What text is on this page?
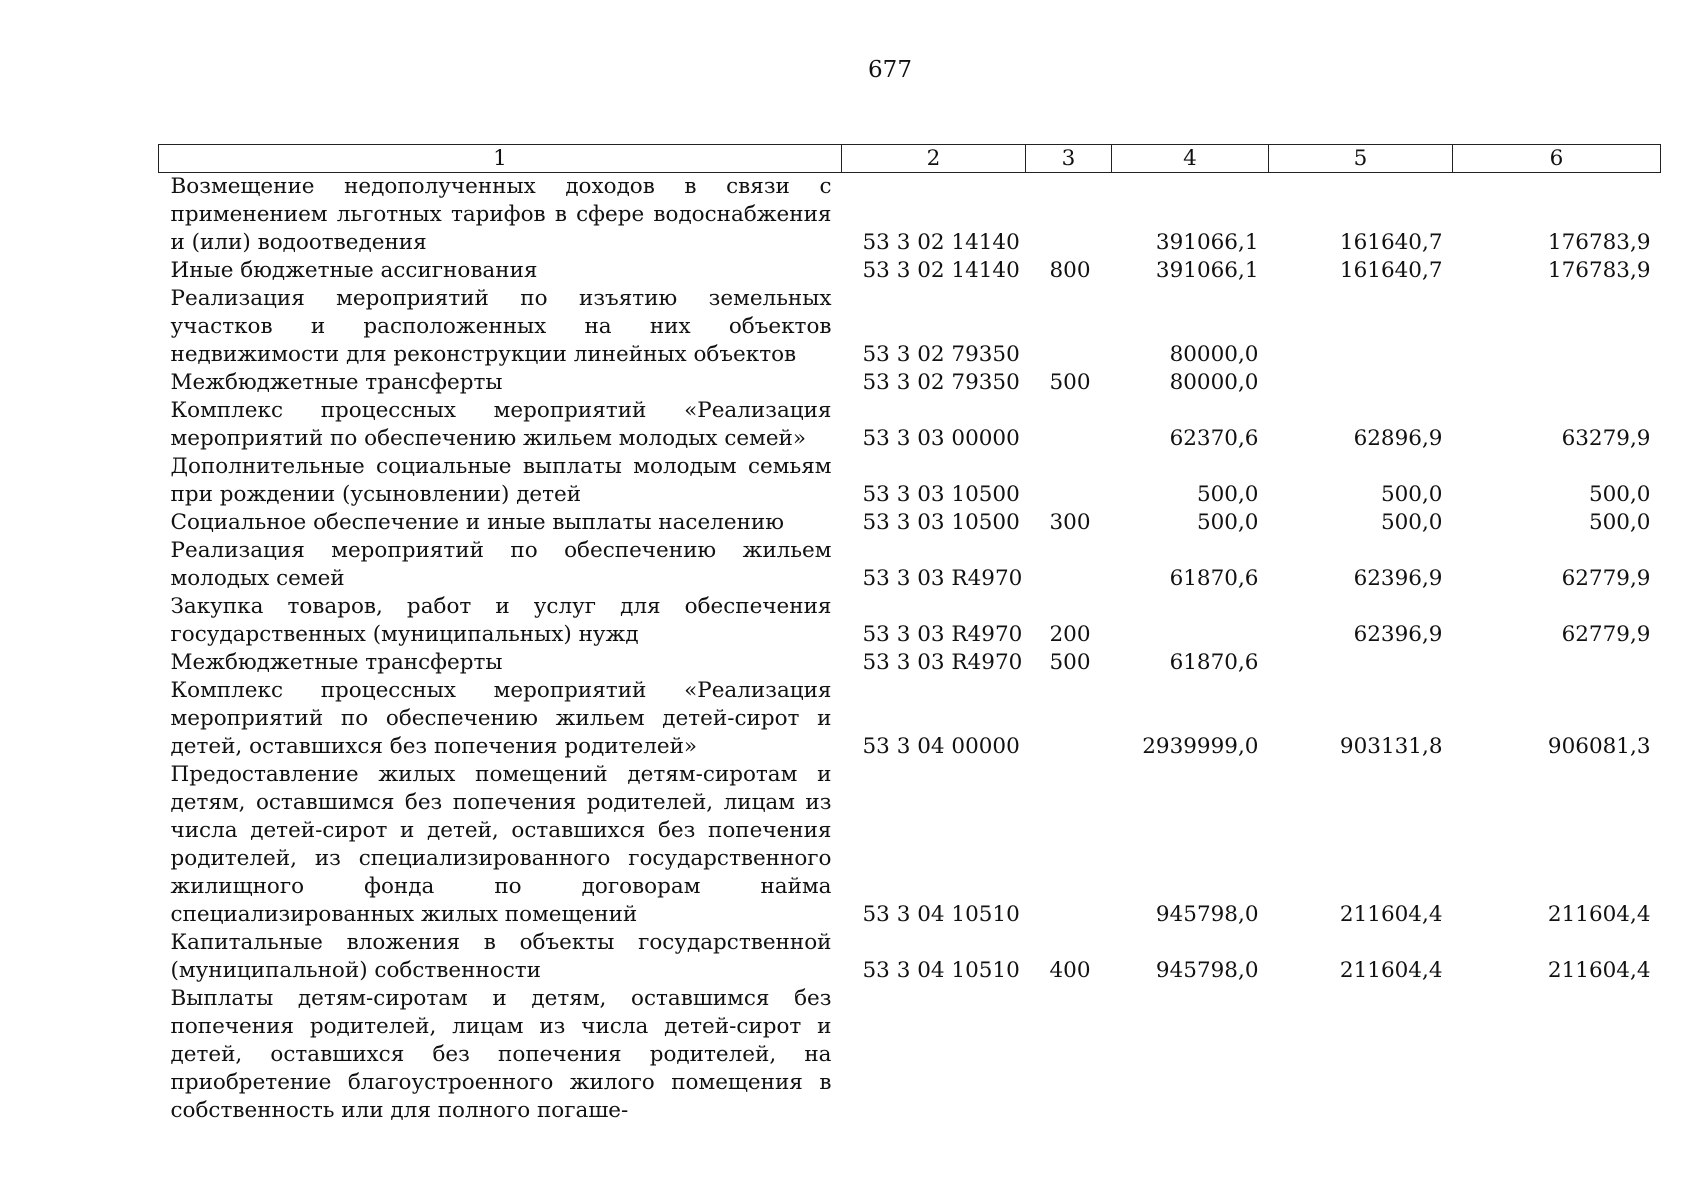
677
1	2	3	4	5	6
Возмещение недополученных доходов в связи с применением льготных тарифов в сфере водоснабжения и (или) водоотведения	53 3 02 14140		391066,1	161640,7	176783,9
Иные бюджетные ассигнования	53 3 02 14140	800	391066,1	161640,7	176783,9
Реализация мероприятий по изъятию земельных участков и расположенных на них объектов недвижимости для реконструкции линейных объектов	53 3 02 79350		80000,0		
Межбюджетные трансферты	53 3 02 79350	500	80000,0		
Комплекс процессных мероприятий «Реализация мероприятий по обеспечению жильем молодых семей»	53 3 03 00000		62370,6	62896,9	63279,9
Дополнительные социальные выплаты молодым семьям при рождении (усыновлении) детей	53 3 03 10500		500,0	500,0	500,0
Социальное обеспечение и иные выплаты населению	53 3 03 10500	300	500,0	500,0	500,0
Реализация мероприятий по обеспечению жильем молодых семей	53 3 03 R4970		61870,6	62396,9	62779,9
Закупка товаров, работ и услуг для обеспечения государственных (муниципальных) нужд	53 3 03 R4970	200		62396,9	62779,9
Межбюджетные трансферты	53 3 03 R4970	500	61870,6		
Комплекс процессных мероприятий «Реализация мероприятий по обеспечению жильем детей-сирот и детей, оставшихся без попечения родителей»	53 3 04 00000		2939999,0	903131,8	906081,3
Предоставление жилых помещений детям-сиротам и детям, оставшимся без попечения родителей, лицам из числа детей-сирот и детей, оставшихся без попечения родителей, из специализированного государственного жилищного фонда по договорам найма специализированных жилых помещений	53 3 04 10510		945798,0	211604,4	211604,4
Капитальные вложения в объекты государственной (муниципальной) собственности	53 3 04 10510	400	945798,0	211604,4	211604,4
Выплаты детям-сиротам и детям, оставшимся без попечения родителей, лицам из числа детей-сирот и детей, оставшихся без попечения родителей, на приобретение благоустроенного жилого помещения в собственность или для полного погаше-					
